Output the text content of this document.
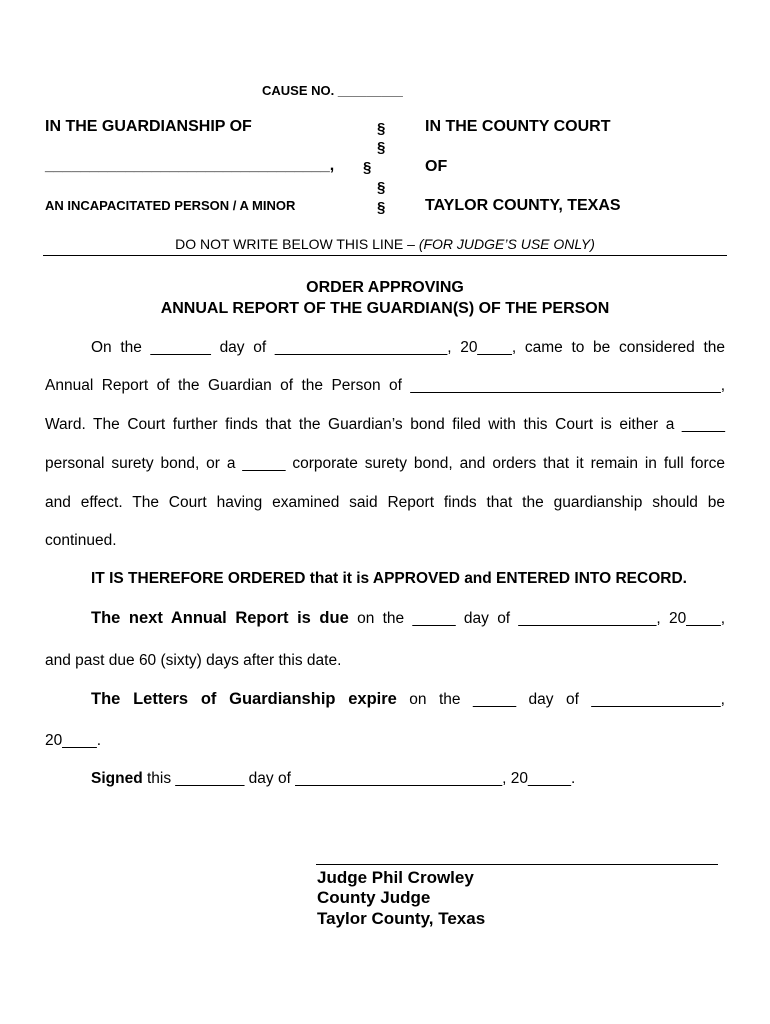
CAUSE NO. _________
IN THE GUARDIANSHIP OF
________________________________,
AN INCAPACITATED PERSON / A MINOR
§
§
§
§
§
IN THE COUNTY COURT
OF
TAYLOR COUNTY, TEXAS
DO NOT WRITE BELOW THIS LINE – (FOR JUDGE’S USE ONLY)
ORDER APPROVING
ANNUAL REPORT OF THE GUARDIAN(S) OF THE PERSON
On the _______ day of ____________________, 20____, came to be considered the
Annual Report of the Guardian of the Person of ____________________________________,
Ward. The Court further finds that the Guardian’s bond filed with this Court is either a _____
personal surety bond, or a _____ corporate surety bond, and orders that it remain in full force
and effect. The Court having examined said Report finds that the guardianship should be
continued.
IT IS THEREFORE ORDERED that it is APPROVED and ENTERED INTO RECORD.
The next Annual Report is due on the _____ day of ________________, 20____,
and past due 60 (sixty) days after this date.
The Letters of Guardianship expire on the _____ day of _______________,
20____.
Signed this ________ day of ________________________, 20_____.
Judge Phil Crowley
County Judge
Taylor County, Texas
